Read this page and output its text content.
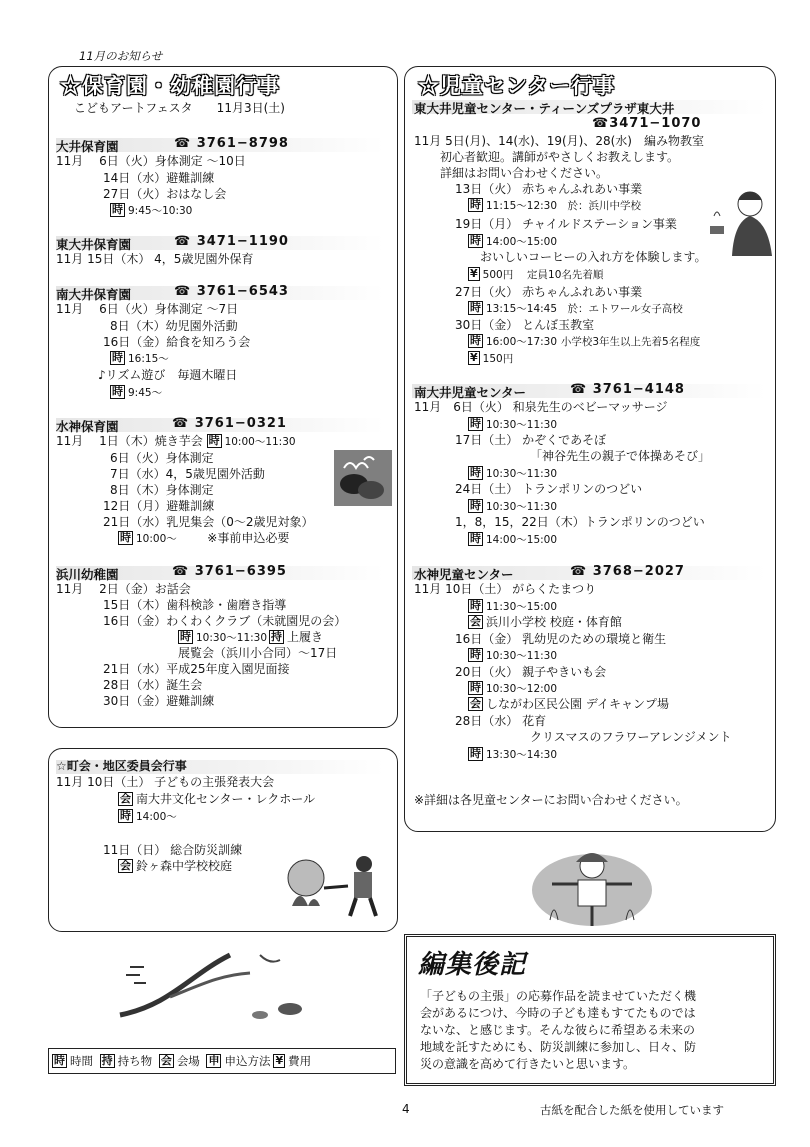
11月のお知らせ
☆保育園・幼稚園行事
こどもアートフェスタ　　11月3日(土)
大井保育園	☎ 3761−8798
11月　 6日（火）身体測定 ～10日
14日（水）避難訓練
27日（火）おはなし会
時 9:45～10:30
東大井保育園	☎ 3471−1190
11月 15日（木） 4，5歳児園外保育
南大井保育園	☎ 3761−6543
11月　 6日（火）身体測定 ～7日
8日（木）幼児園外活動
16日（金）給食を知ろう会
時 16:15～
♪リズム遊び　毎週木曜日
時 9:45～
水神保育園	☎ 3761−0321
11月　 1日（木）焼き芋会 時 10:00～11:30
6日（火）身体測定
7日（水）4，5歳児園外活動
8日（木）身体測定
12日（月）避難訓練
21日（水）乳児集会（0～2歳児対象）
時 10:00～	※事前申込必要
浜川幼稚園	☎ 3761−6395
11月　 2日（金）お話会
15日（木）歯科検診・歯磨き指導
16日（金）わくわくクラブ（未就園児の会）
時 10:30～11:30 持 上履き
展覧会（浜川小合同）～17日
21日（水）平成25年度入園児面接
28日（水）誕生会
30日（金）避難訓練
☆町会・地区委員会行事
11月 10日（土） 子どもの主張発表大会
会 南大井文化センター・レクホール
時 14:00～
11日（日） 総合防災訓練
会 鈴ヶ森中学校校庭
時 時間
持 持ち物
会 会場
申 申込方法 ¥ 費用
☆児童センター行事
東大井児童センター・ティーンズプラザ東大井
☎3471−1070
11月 5日(月)、14(水)、19(月)、28(水)　編み物教室
初心者歓迎。講師がやさしくお教えします。
詳細はお問い合わせください。
13日（火） 赤ちゃんふれあい事業
時 11:15～12:30　於：浜川中学校
19日（月） チャイルドステーション事業
時 14:00～15:00
おいしいコーヒーの入れ方を体験します。
¥ 500円　 定員10名先着順
27日（火） 赤ちゃんふれあい事業
時 13:15～14:45　於：エトワール女子高校
30日（金） とんぼ玉教室
時 16:00～17:30 小学校3年生以上先着5名程度
¥ 150円
南大井児童センター	☎ 3761−4148
11月　6日（火） 和泉先生のベビーマッサージ
時 10:30～11:30
17日（土） かぞくであそぼ
「神谷先生の親子で体操あそび」
時 10:30～11:30
24日（土） トランポリンのつどい
時 10:30～11:30
1，8，15，22日（木）トランポリンのつどい
時 14:00～15:00
水神児童センター	☎ 3768−2027
11月 10日（土） がらくたまつり
時 11:30～15:00
会 浜川小学校 校庭・体育館
16日（金） 乳幼児のための環境と衛生
時 10:30～11:30
20日（火） 親子やきいも会
時 10:30～12:00
会 しながわ区民公園 デイキャンプ場
28日（水） 花育
クリスマスのフラワーアレンジメント
時 13:30～14:30
※詳細は各児童センターにお問い合わせください。
編集後記
「子どもの主張」の応募作品を読ませていただく機
会があるにつけ、今時の子ども達もすてたものでは
ないな、と感じます。そんな彼らに希望ある未来の
地域を託すためにも、防災訓練に参加し、日々、防
災の意識を高めて行きたいと思います。
4	古紙を配合した紙を使用しています
